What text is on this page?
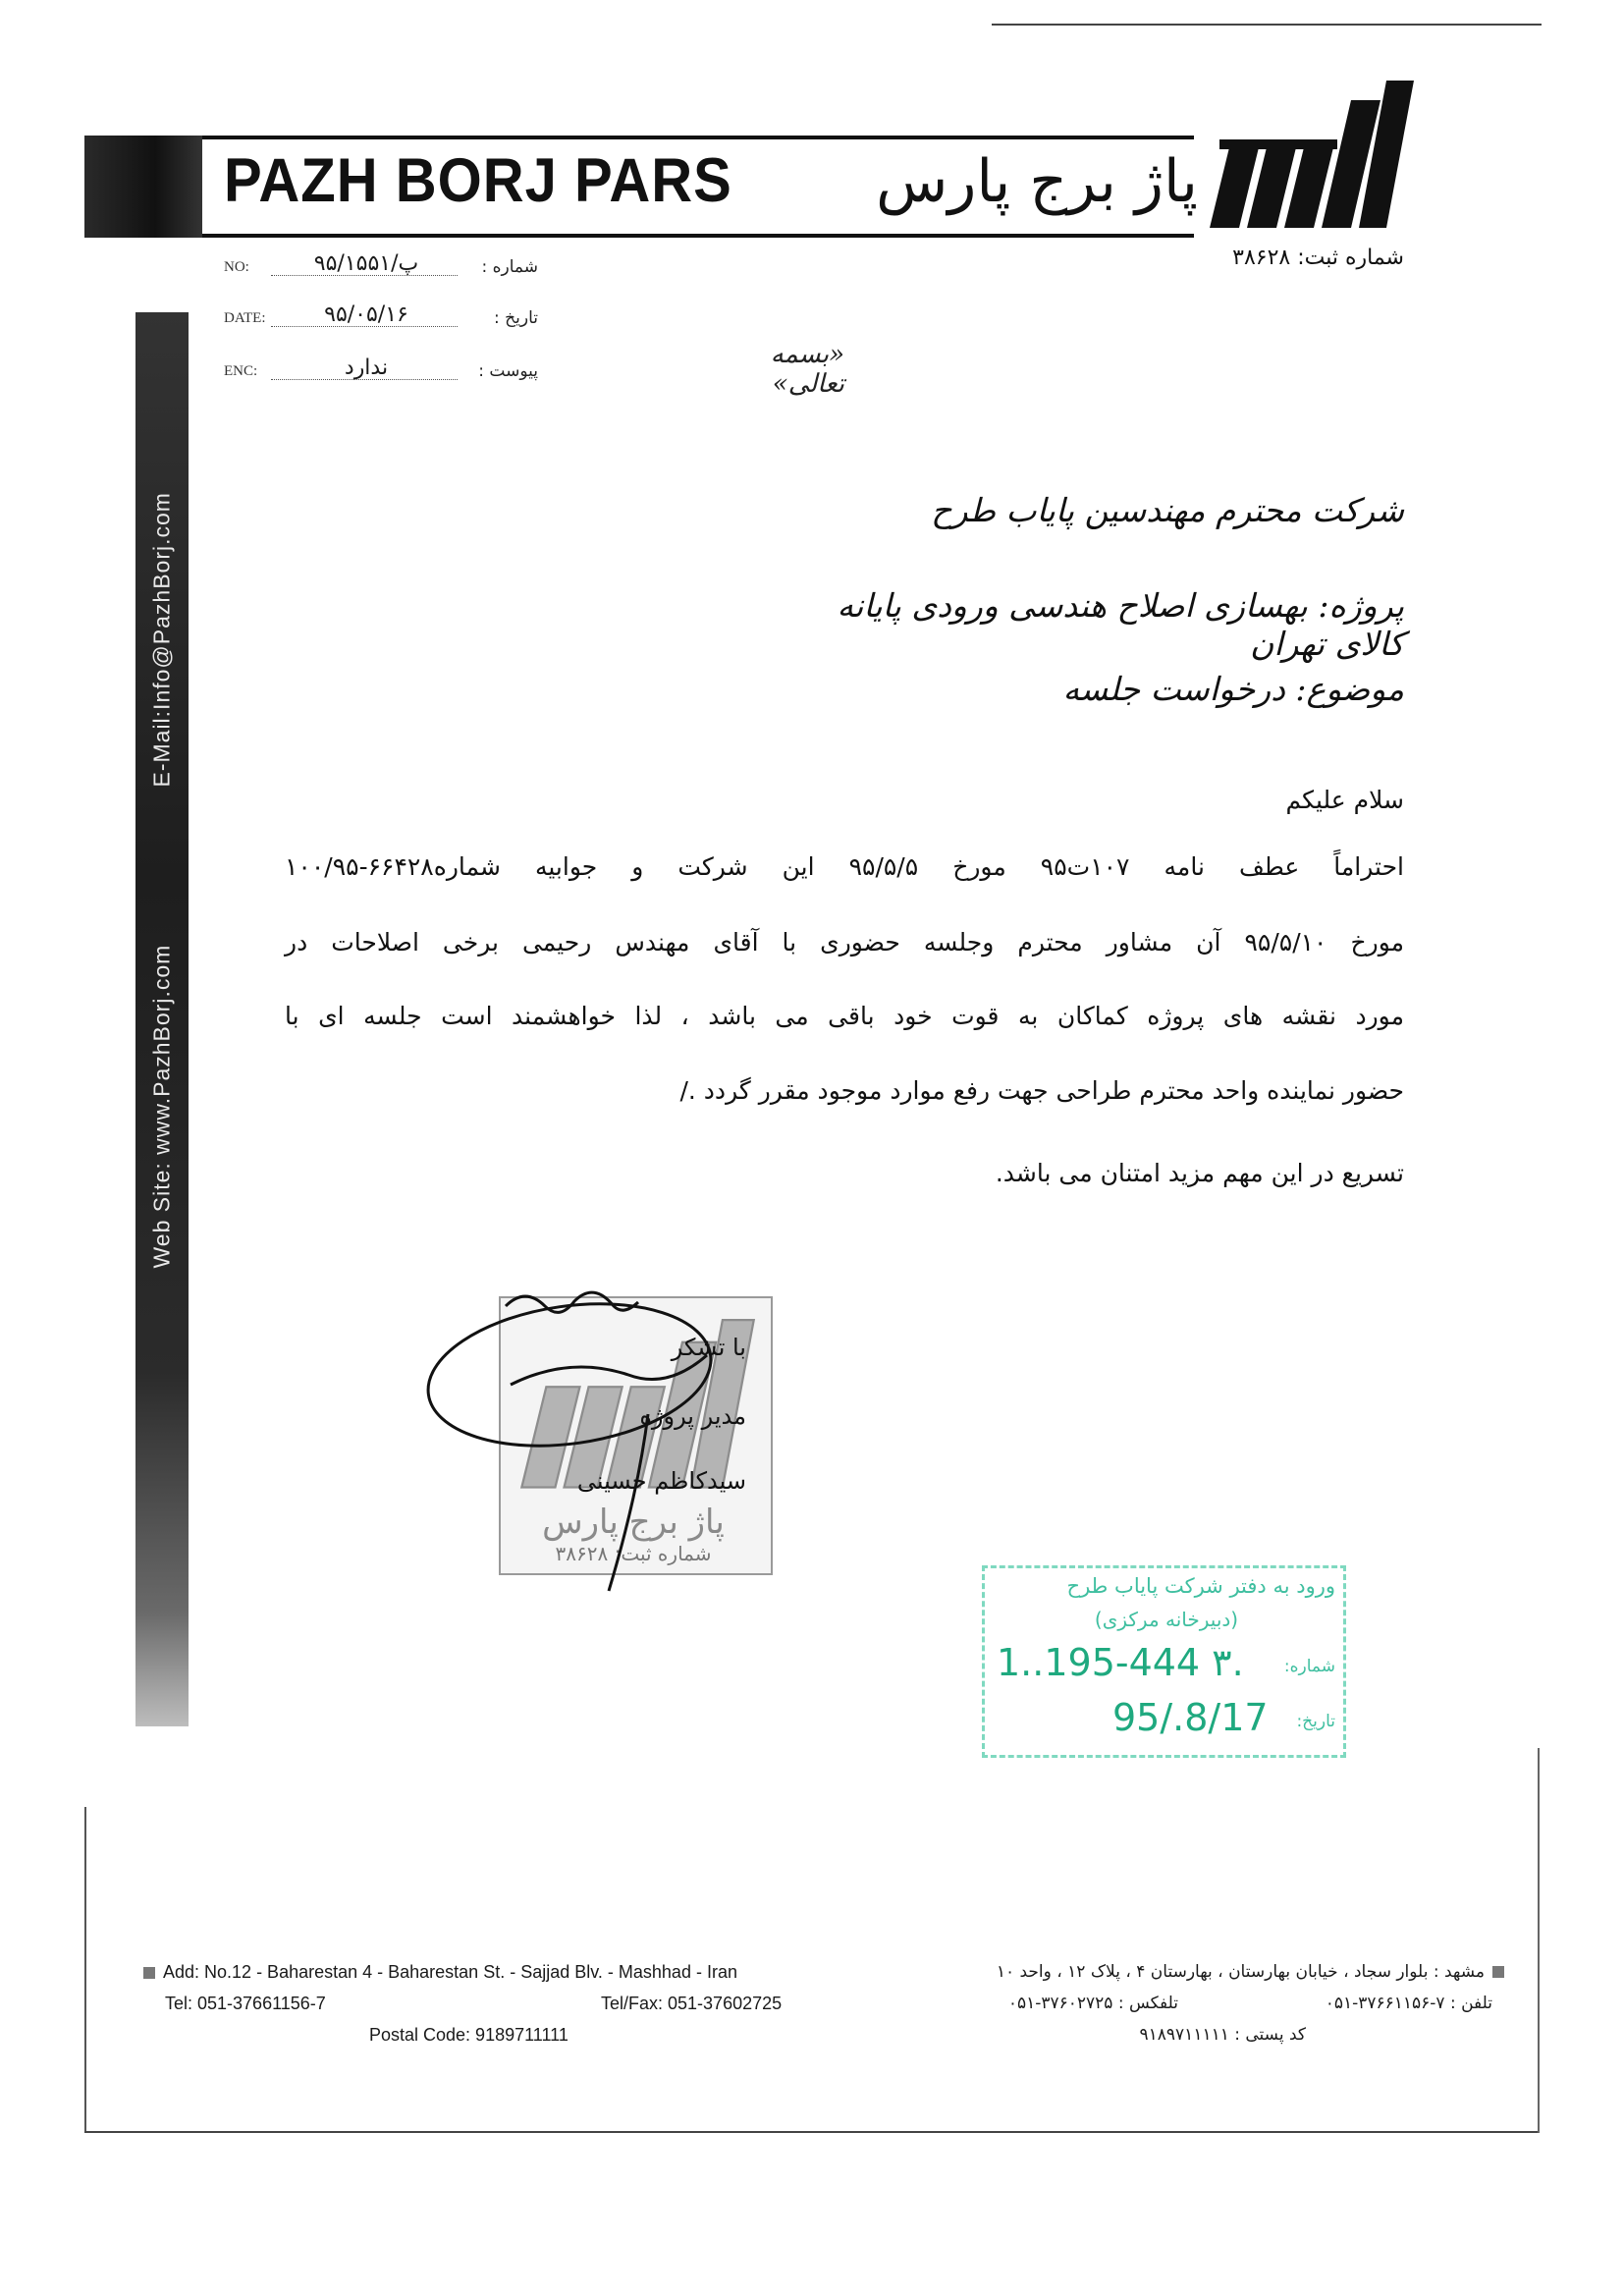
PAZH BORJ PARS پاژ برج پارس
شماره ثبت: ۳۸۶۲۸
NO:	۹۵/پ/۱۵۵۱	شماره :
DATE:	۹۵/۰۵/۱۶	تاریخ :
ENC:	ندارد	پیوست :
Web Site: www.PazhBorj.com
E-Mail:Info@PazhBorj.com
«بسمه تعالی»
شرکت محترم مهندسین پایاب طرح
پروژه: بهسازی اصلاح هندسی ورودی پایانه کالای تهران
موضوع: درخواست جلسه
سلام علیکم
احتراماً عطف نامه ۱۰۷ت۹۵ مورخ ۹۵/۵/۵ این شرکت و جوابیه شماره۶۶۴۲۸-۱۰۰/۹۵
مورخ ۹۵/۵/۱۰ آن مشاور محترم وجلسه حضوری با آقای مهندس رحیمی برخی اصلاحات در
مورد نقشه های پروژه کماکان به قوت خود باقی می باشد ، لذا خواهشمند است جلسه ای با
حضور نماینده واحد محترم طراحی جهت رفع موارد موجود مقرر گردد ./
تسریع در این مهم مزید امتنان می باشد.
پاژ برج پارس
شماره ثبت: ۳۸۶۲۸
با تشکر
مدیر پروژه
سیدکاظم حسینی
ورود به دفتر شرکت پایاب طرح
(دبیرخانه مرکزی)
شماره:
1..195-444 ۳.
تاریخ:
95/.8/17
Add: No.12 - Baharestan 4 - Baharestan St. - Sajjad Blv. - Mashhad - Iran
Tel: 051-37661156-7	Tel/Fax: 051-37602725
Postal Code: 9189711111
مشهد : بلوار سجاد ، خیابان بهارستان ، بهارستان ۴ ، پلاک ۱۲ ، واحد ۱۰
تلفن : ۷-۳۷۶۶۱۱۵۶-۰۵۱
تلفکس : ۳۷۶۰۲۷۲۵-۰۵۱
کد پستی : ۹۱۸۹۷۱۱۱۱۱
